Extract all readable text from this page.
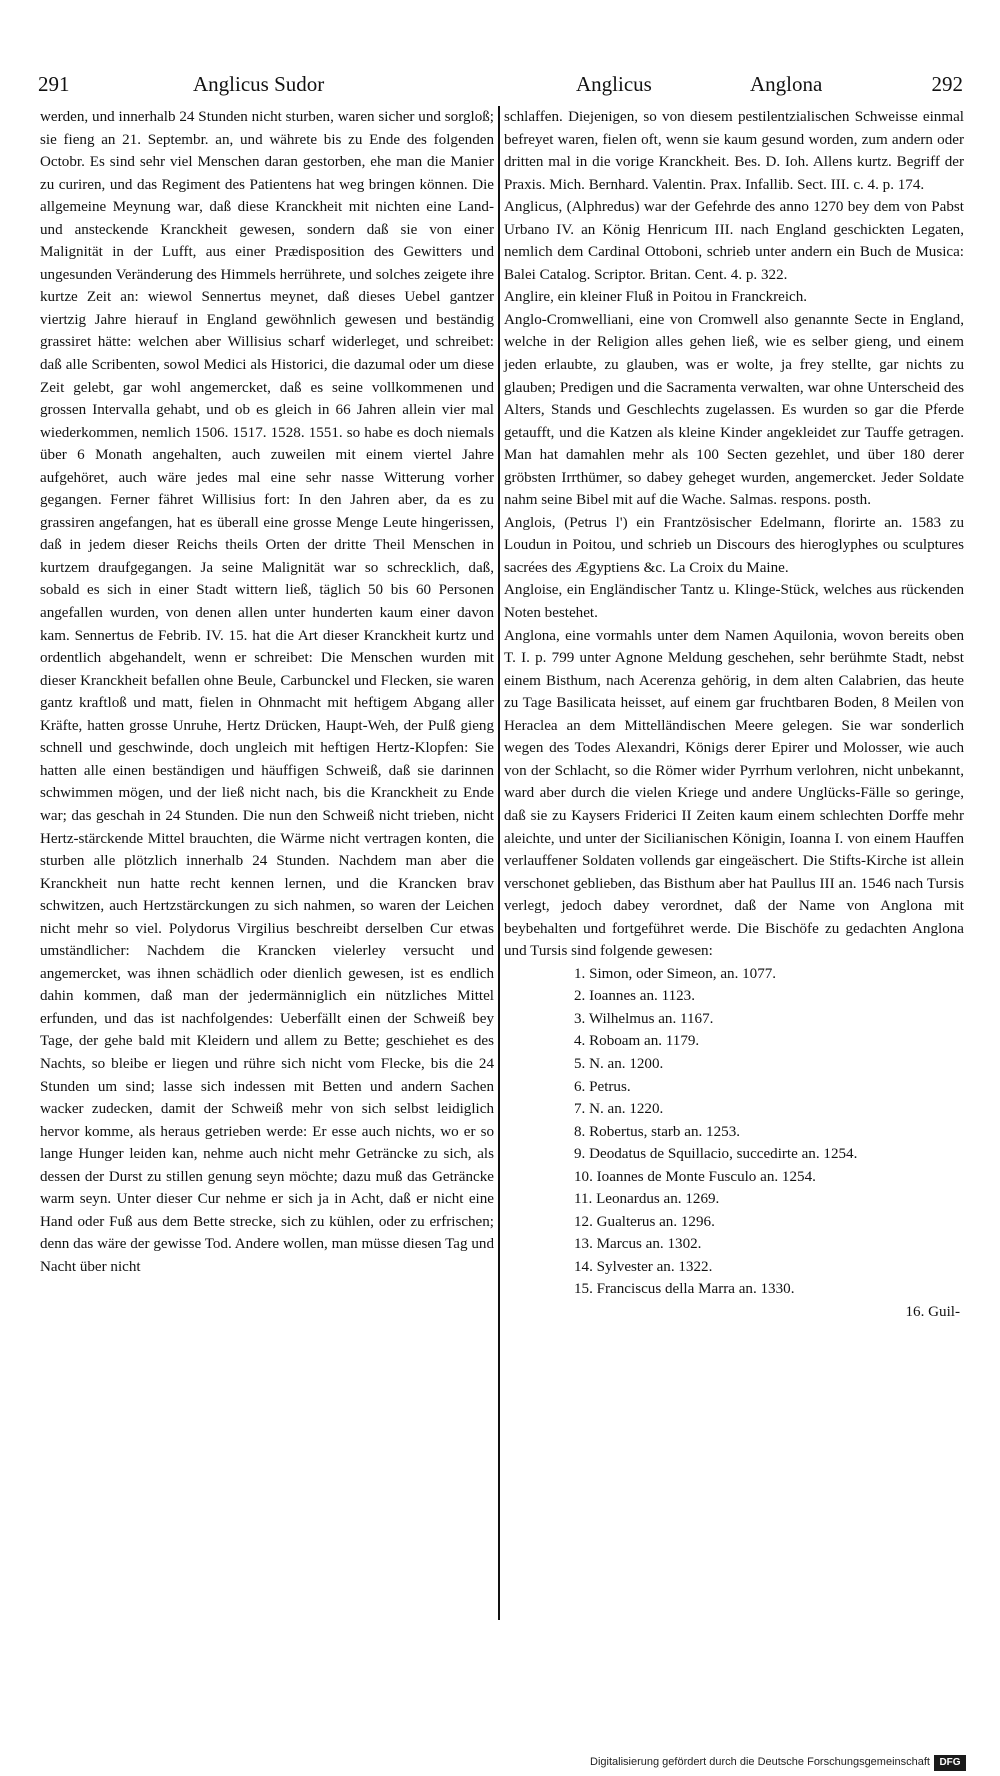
291	Anglicus Sudor	Anglicus	Anglona	292

werden, und innerhalb 24 Stunden nicht sturben, waren sicher und sorgloß; sie fieng an 21. Septembr. an, und währete bis zu Ende des folgenden Octobr. Es sind sehr viel Menschen daran gestorben, ehe man die Manier zu curiren, und das Regiment des Patientens hat weg bringen können. Die allgemeine Meynung war, daß diese Kranckheit mit nichten eine Land- und ansteckende Kranckheit gewesen, sondern daß sie von einer Malignität in der Lufft, aus einer Prædisposition des Gewitters und ungesunden Veränderung des Himmels herrührete, und solches zeigete ihre kurtze Zeit an: wiewol Sennertus meynet, daß dieses Uebel gantzer viertzig Jahre hierauf in England gewöhnlich gewesen und beständig grassiret hätte: welchen aber Willisius scharf widerleget, und schreibet: daß alle Scribenten, sowol Medici als Historici, die dazumal oder um diese Zeit gelebt, gar wohl angemercket, daß es seine vollkommenen und grossen Intervalla gehabt, und ob es gleich in 66 Jahren allein vier mal wiederkommen, nemlich 1506. 1517. 1528. 1551. so habe es doch niemals über 6 Monath angehalten, auch zuweilen mit einem viertel Jahre aufgehöret, auch wäre jedes mal eine sehr nasse Witterung vorher gegangen. Ferner fähret Willisius fort: In den Jahren aber, da es zu grassiren angefangen, hat es überall eine grosse Menge Leute hingerissen, daß in jedem dieser Reichs theils Orten der dritte Theil Menschen in kurtzem draufgegangen. Ja seine Malignität war so schrecklich, daß, sobald es sich in einer Stadt wittern ließ, täglich 50 bis 60 Personen angefallen wurden, von denen allen unter hunderten kaum einer davon kam. Sennertus de Febrib. IV. 15. hat die Art dieser Kranckheit kurtz und ordentlich abgehandelt, wenn er schreibet: Die Menschen wurden mit dieser Kranckheit befallen ohne Beule, Carbunckel und Flecken, sie waren gantz kraftloß und matt, fielen in Ohnmacht mit heftigem Abgang aller Kräfte, hatten grosse Unruhe, Hertz Drücken, Haupt-Weh, der Pulß gieng schnell und geschwinde, doch ungleich mit heftigen Hertz-Klopfen: Sie hatten alle einen beständigen und häuffigen Schweiß, daß sie darinnen schwimmen mögen, und der ließ nicht nach, bis die Kranckheit zu Ende war; das geschah in 24 Stunden. Die nun den Schweiß nicht trieben, nicht Hertz-stärckende Mittel brauchten, die Wärme nicht vertragen konten, die sturben alle plötzlich innerhalb 24 Stunden. Nachdem man aber die Kranckheit nun hatte recht kennen lernen, und die Krancken brav schwitzen, auch Hertzstärckungen zu sich nahmen, so waren der Leichen nicht mehr so viel. Polydorus Virgilius beschreibt derselben Cur etwas umständlicher: Nachdem die Krancken vielerley versucht und angemercket, was ihnen schädlich oder dienlich gewesen, ist es endlich dahin kommen, daß man der jedermänniglich ein nützliches Mittel erfunden, und das ist nachfolgendes: Ueberfällt einen der Schweiß bey Tage, der gehe bald mit Kleidern und allem zu Bette; geschiehet es des Nachts, so bleibe er liegen und rühre sich nicht vom Flecke, bis die 24 Stunden um sind; lasse sich indessen mit Betten und andern Sachen wacker zudecken, damit der Schweiß mehr von sich selbst leidiglich hervor komme, als heraus getrieben werde: Er esse auch nichts, wo er so lange Hunger leiden kan, nehme auch nicht mehr Geträncke zu sich, als dessen der Durst zu stillen genung seyn möchte; dazu muß das Geträncke warm seyn. Unter dieser Cur nehme er sich ja in Acht, daß er nicht eine Hand oder Fuß aus dem Bette strecke, sich zu kühlen, oder zu erfrischen; denn das wäre der gewisse Tod. Andere wollen, man müsse diesen Tag und Nacht über nicht

schlaffen. Diejenigen, so von diesem pestilentzialischen Schweisse einmal befreyet waren, fielen oft, wenn sie kaum gesund worden, zum andern oder dritten mal in die vorige Kranckheit. Bes. D. Ioh. Allens kurtz. Begriff der Praxis. Mich. Bernhard. Valentin. Prax. Infallib. Sect. III. c. 4. p. 174.

Anglicus, (Alphredus) war der Gefehrde des anno 1270 bey dem von Pabst Urbano IV. an König Henricum III. nach England geschickten Legaten, nemlich dem Cardinal Ottoboni, schrieb unter andern ein Buch de Musica: Balei Catalog. Scriptor. Britan. Cent. 4. p. 322.

Anglire, ein kleiner Fluß in Poitou in Franckreich.

Anglo-Cromwelliani, eine von Cromwell also genannte Secte in England, welche in der Religion alles gehen ließ, wie es selber gieng, und einem jeden erlaubte, zu glauben, was er wolte, ja frey stellte, gar nichts zu glauben; Predigen und die Sacramenta verwalten, war ohne Unterscheid des Alters, Stands und Geschlechts zugelassen. Es wurden so gar die Pferde getaufft, und die Katzen als kleine Kinder angekleidet zur Tauffe getragen. Man hat damahlen mehr als 100 Secten gezehlet, und über 180 derer gröbsten Irrthümer, so dabey geheget wurden, angemercket. Jeder Soldate nahm seine Bibel mit auf die Wache. Salmas. respons. posth.

Anglois, (Petrus l') ein Frantzösischer Edelmann, florirte an. 1583 zu Loudun in Poitou, und schrieb un Discours des hieroglyphes ou sculptures sacrées des Ægyptiens &c. La Croix du Maine.

Angloise, ein Engländischer Tantz u. Klinge-Stück, welches aus rückenden Noten bestehet.

Anglona, eine vormahls unter dem Namen Aquilonia, wovon bereits oben T. I. p. 799 unter Agnone Meldung geschehen, sehr berühmte Stadt, nebst einem Bisthum, nach Acerenza gehörig, in dem alten Calabrien, das heute zu Tage Basilicata heisset, auf einem gar fruchtbaren Boden, 8 Meilen von Heraclea an dem Mittelländischen Meere gelegen. Sie war sonderlich wegen des Todes Alexandri, Königs derer Epirer und Molosser, wie auch von der Schlacht, so die Römer wider Pyrrhum verlohren, nicht unbekannt, ward aber durch die vielen Kriege und andere Unglücks-Fälle so geringe, daß sie zu Kaysers Friderici II Zeiten kaum einem schlechten Dorffe mehr aleichte, und unter der Sicilianischen Königin, Ioanna I. von einem Hauffen verlauffener Soldaten vollends gar eingeäschert. Die Stifts-Kirche ist allein verschonet geblieben, das Bisthum aber hat Paullus III an. 1546 nach Tursis verlegt, jedoch dabey verordnet, daß der Name von Anglona mit beybehalten und fortgeführet werde. Die Bischöfe zu gedachten Anglona und Tursis sind folgende gewesen:

1. Simon, oder Simeon, an. 1077.
2. Ioannes an. 1123.
3. Wilhelmus an. 1167.
4. Roboam an. 1179.
5. N. an. 1200.
6. Petrus.
7. N. an. 1220.
8. Robertus, starb an. 1253.
9. Deodatus de Squillacio, succedirte an. 1254.
10. Ioannes de Monte Fusculo an. 1254.
11. Leonardus an. 1269.
12. Gualterus an. 1296.
13. Marcus an. 1302.
14. Sylvester an. 1322.
15. Franciscus della Marra an. 1330.

16. Guil-

Digitalisierung gefördert durch die Deutsche Forschungsgemeinschaft DFG
